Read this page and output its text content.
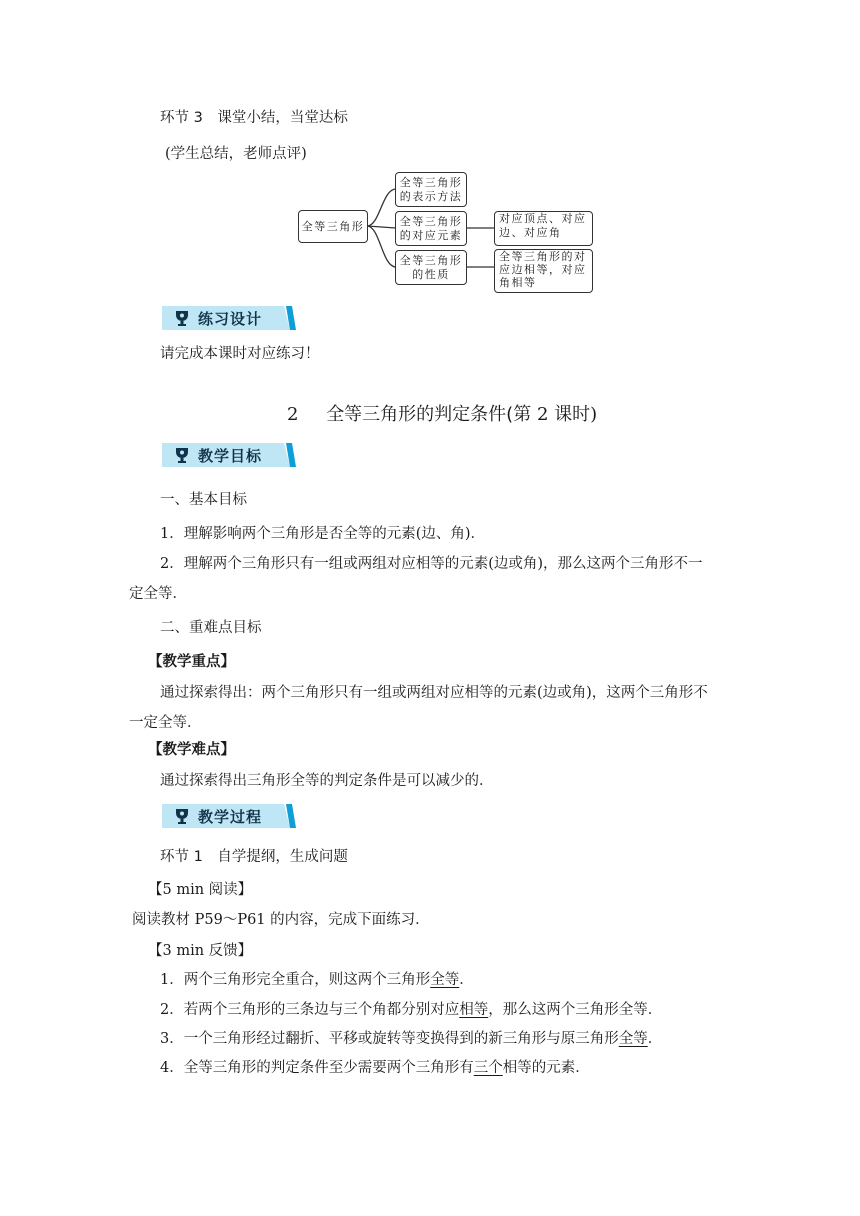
环节 3　课堂小结，当堂达标
(学生总结，老师点评)
全等三角形
全等三角形
的表示方法
全等三角形
的对应元素
全等三角形
的性质
对应顶点、对应
边、对应角
全等三角形的对
应边相等，对应
角相等
练习设计
请完成本课时对应练习！
2 全等三角形的判定条件(第 2 课时)
教学目标
一、基本目标
1．理解影响两个三角形是否全等的元素(边、角)．
2．理解两个三角形只有一组或两组对应相等的元素(边或角)，那么这两个三角形不一
定全等．
二、重难点目标
【教学重点】
通过探索得出：两个三角形只有一组或两组对应相等的元素(边或角)，这两个三角形不
一定全等．
【教学难点】
通过探索得出三角形全等的判定条件是可以减少的．
教学过程
环节 1　自学提纲，生成问题
【5 min 阅读】
阅读教材 P59～P61 的内容，完成下面练习．
【3 min 反馈】
1．两个三角形完全重合，则这两个三角形全等．
2．若两个三角形的三条边与三个角都分别对应相等，那么这两个三角形全等．
3．一个三角形经过翻折、平移或旋转等变换得到的新三角形与原三角形全等．
4．全等三角形的判定条件至少需要两个三角形有三个相等的元素．
